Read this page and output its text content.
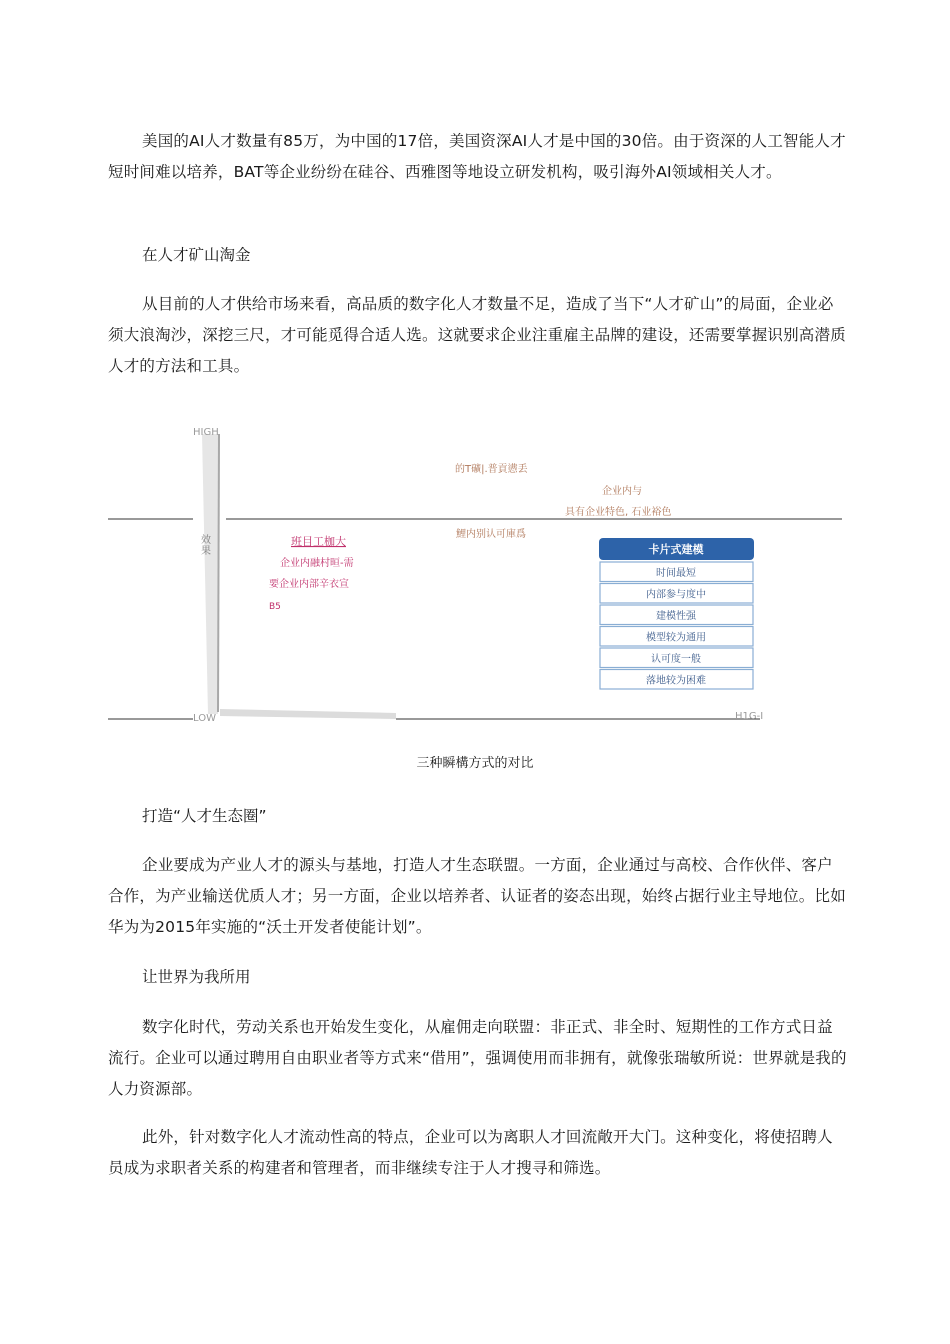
美国的AI人才数量有85万，为中国的17倍，美国资深AI人才是中国的30倍。由于资深的人工智能人才短时间难以培养，BAT等企业纷纷在硅谷、西雅图等地设立研发机构，吸引海外AI领域相关人才。

在人才矿山淘金

从目前的人才供给市场来看，高品质的数字化人才数量不足，造成了当下“人才矿山”的局面，企业必须大浪淘沙，深挖三尺，才可能觅得合适人选。这就要求企业注重雇主品牌的建设，还需要掌握识别高潜质人才的方法和工具。

HIGH
LOW
效
果
H1G-I
的T礦|.普貢懑丢
企业内与
具有企业特色, 石业裕色
鯉内别认可庫爲
班目工枷大
企业内融村晅-需
要企业内部辛衣宣
B5
卡片式建模
时间最短
内部参与度中
建模性强
模型较为通用
认可度一般
落地较为困难
三种瞬構方式的对比

打造“人才生态圈”

企业要成为产业人才的源头与基地，打造人才生态联盟。一方面，企业通过与高校、合作伙伴、客户合作，为产业输送优质人才；另一方面，企业以培养者、认证者的姿态出现，始终占据行业主导地位。比如华为为2015年实施的“沃土开发者使能计划”。

让世界为我所用

数字化时代，劳动关系也开始发生变化，从雇佣走向联盟：非正式、非全时、短期性的工作方式日益流行。企业可以通过聘用自由职业者等方式来“借用”，强调使用而非拥有，就像张瑞敏所说：世界就是我的人力资源部。

此外，针对数字化人才流动性高的特点，企业可以为离职人才回流敞开大门。这种变化，将使招聘人员成为求职者关系的构建者和管理者，而非继续专注于人才搜寻和筛选。
